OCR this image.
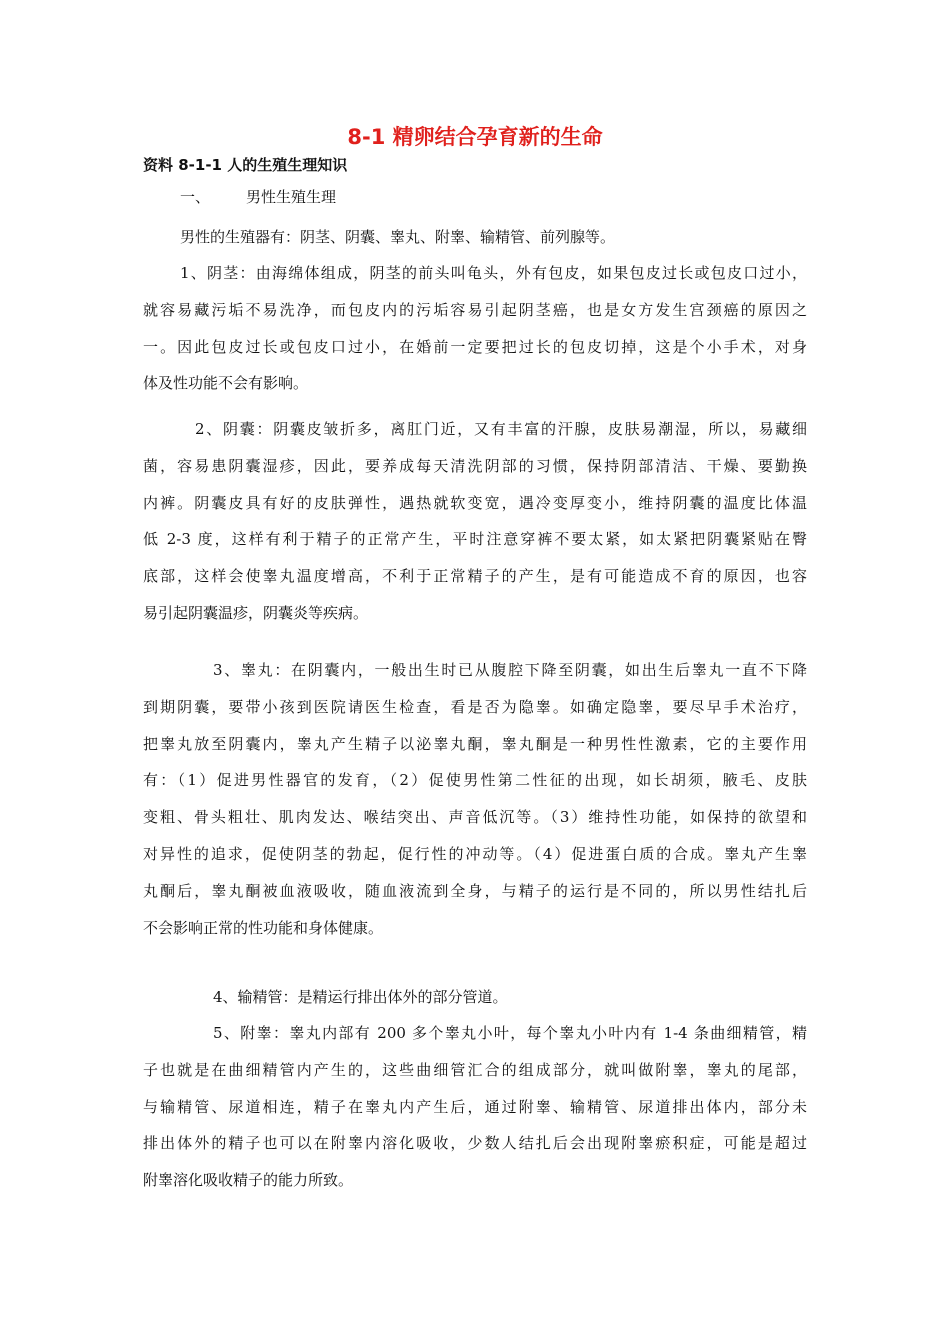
8-1 精卵结合孕育新的生命

资料 8-1-1 人的生殖生理知识

一、 男性生殖生理

男性的生殖器有：阴茎、阴囊、睾丸、附睾、输精管、前列腺等。
1、阴茎：由海绵体组成，阴茎的前头叫龟头，外有包皮，如果包皮过长或包皮口过小，
就容易藏污垢不易洗净，而包皮内的污垢容易引起阴茎癌，也是女方发生宫颈癌的原因之
一。因此包皮过长或包皮口过小，在婚前一定要把过长的包皮切掉，这是个小手术，对身
体及性功能不会有影响。
2、阴囊：阴囊皮皱折多，离肛门近，又有丰富的汗腺，皮肤易潮湿，所以，易藏细
菌，容易患阴囊湿疹，因此，要养成每天清洗阴部的习惯，保持阴部清洁、干燥、要勤换
内裤。阴囊皮具有好的皮肤弹性，遇热就软变宽，遇冷变厚变小，维持阴囊的温度比体温
低 2-3 度，这样有利于精子的正常产生，平时注意穿裤不要太紧，如太紧把阴囊紧贴在臀
底部，这样会使睾丸温度增高，不利于正常精子的产生，是有可能造成不育的原因，也容
易引起阴囊温疹，阴囊炎等疾病。
3、睾丸：在阴囊内，一般出生时已从腹腔下降至阴囊，如出生后睾丸一直不下降
到期阴囊，要带小孩到医院请医生检查，看是否为隐睾。如确定隐睾，要尽早手术治疗，
把睾丸放至阴囊内，睾丸产生精子以泌睾丸酮，睾丸酮是一种男性性激素，它的主要作用
有：（1）促进男性器官的发育，（2）促使男性第二性征的出现，如长胡须，腋毛、皮肤
变粗、骨头粗壮、肌肉发达、喉结突出、声音低沉等。（3）维持性功能，如保持的欲望和
对异性的追求，促使阴茎的勃起，促行性的冲动等。（4）促进蛋白质的合成。睾丸产生睾
丸酮后，睾丸酮被血液吸收，随血液流到全身，与精子的运行是不同的，所以男性结扎后
不会影响正常的性功能和身体健康。
4、输精管：是精运行排出体外的部分管道。
5、附睾：睾丸内部有 200 多个睾丸小叶，每个睾丸小叶内有 1-4 条曲细精管，精
子也就是在曲细精管内产生的，这些曲细管汇合的组成部分，就叫做附睾，睾丸的尾部，
与输精管、尿道相连，精子在睾丸内产生后，通过附睾、输精管、尿道排出体内，部分未
排出体外的精子也可以在附睾内溶化吸收，少数人结扎后会出现附睾瘀积症，可能是超过
附睾溶化吸收精子的能力所致。
